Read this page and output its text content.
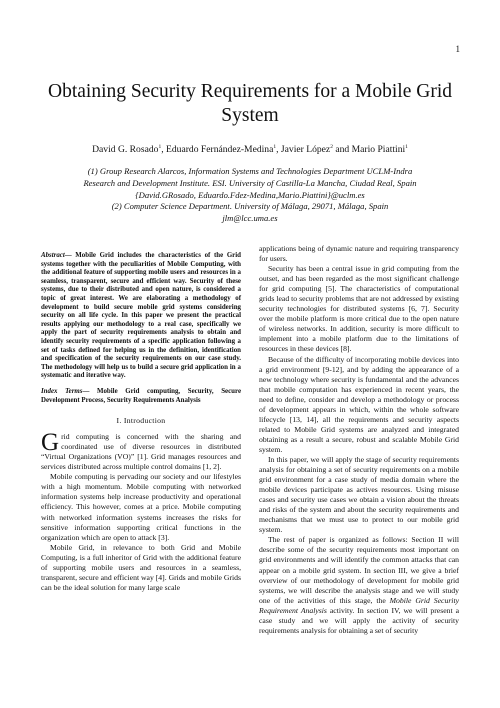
1
Obtaining Security Requirements for a Mobile Grid System
David G. Rosado$^1$, Eduardo Fernández-Medina$^1$, Javier López$^2$ and Mario Piattini$^1$
(1) Group Research Alarcos, Information Systems and Technologies Department UCLM-Indra
Research and Development Institute. ESI. University of Castilla-La Mancha, Ciudad Real, Spain
{David.GRosado, Eduardo.Fdez-Medina,Mario.Piattini}@uclm.es
(2) Computer Science Department. University of Málaga, 29071, Málaga, Spain
jlm@lcc.uma.es

Abstract— Mobile Grid includes the characteristics of the Grid systems together with the peculiarities of Mobile Computing, with the additional feature of supporting mobile users and resources in a seamless, transparent, secure and efficient way. Security of these systems, due to their distributed and open nature, is considered a topic of great interest. We are elaborating a methodology of development to build secure mobile grid systems considering security on all life cycle. In this paper we present the practical results applying our methodology to a real case, specifically we apply the part of security requirements analysis to obtain and identify security requirements of a specific application following a set of tasks defined for helping us in the definition, identification and specification of the security requirements on our case study. The methodology will help us to build a secure grid application in a systematic and iterative way.

Index Terms— Mobile Grid computing, Security, Secure Development Process, Security Requirements Analysis

I. Introduction

Grid computing is concerned with the sharing and coordinated use of diverse resources in distributed “Virtual Organizations (VO)” [1]. Grid manages resources and services distributed across multiple control domains [1, 2].

Mobile computing is pervading our society and our lifestyles with a high momentum. Mobile computing with networked information systems help increase productivity and operational efficiency. This however, comes at a price. Mobile computing with networked information systems increases the risks for sensitive information supporting critical functions in the organization which are open to attack [3].

Mobile Grid, in relevance to both Grid and Mobile Computing, is a full inheritor of Grid with the additional feature of supporting mobile users and resources in a seamless, transparent, secure and efficient way [4]. Grids and mobile Grids can be the ideal solution for many large scale

applications being of dynamic nature and requiring transparency for users.

Security has been a central issue in grid computing from the outset, and has been regarded as the most significant challenge for grid computing [5]. The characteristics of computational grids lead to security problems that are not addressed by existing security technologies for distributed systems [6, 7]. Security over the mobile platform is more critical due to the open nature of wireless networks. In addition, security is more difficult to implement into a mobile platform due to the limitations of resources in these devices [8].

Because of the difficulty of incorporating mobile devices into a grid environment [9-12], and by adding the appearance of a new technology where security is fundamental and the advances that mobile computation has experienced in recent years, the need to define, consider and develop a methodology or process of development appears in which, within the whole software lifecycle [13, 14], all the requirements and security aspects related to Mobile Grid systems are analyzed and integrated obtaining as a result a secure, robust and scalable Mobile Grid system.

In this paper, we will apply the stage of security requirements analysis for obtaining a set of security requirements on a mobile grid environment for a case study of media domain where the mobile devices participate as actives resources. Using misuse cases and security use cases we obtain a vision about the threats and risks of the system and about the security requirements and mechanisms that we must use to protect to our mobile grid system.

The rest of paper is organized as follows: Section II will describe some of the security requirements most important on grid environments and will identify the common attacks that can appear on a mobile grid system. In section III, we give a brief overview of our methodology of development for mobile grid systems, we will describe the analysis stage and we will study one of the activities of this stage, the Mobile Grid Security Requirement Analysis activity. In section IV, we will present a case study and we will apply the activity of security requirements analysis for obtaining a set of security
